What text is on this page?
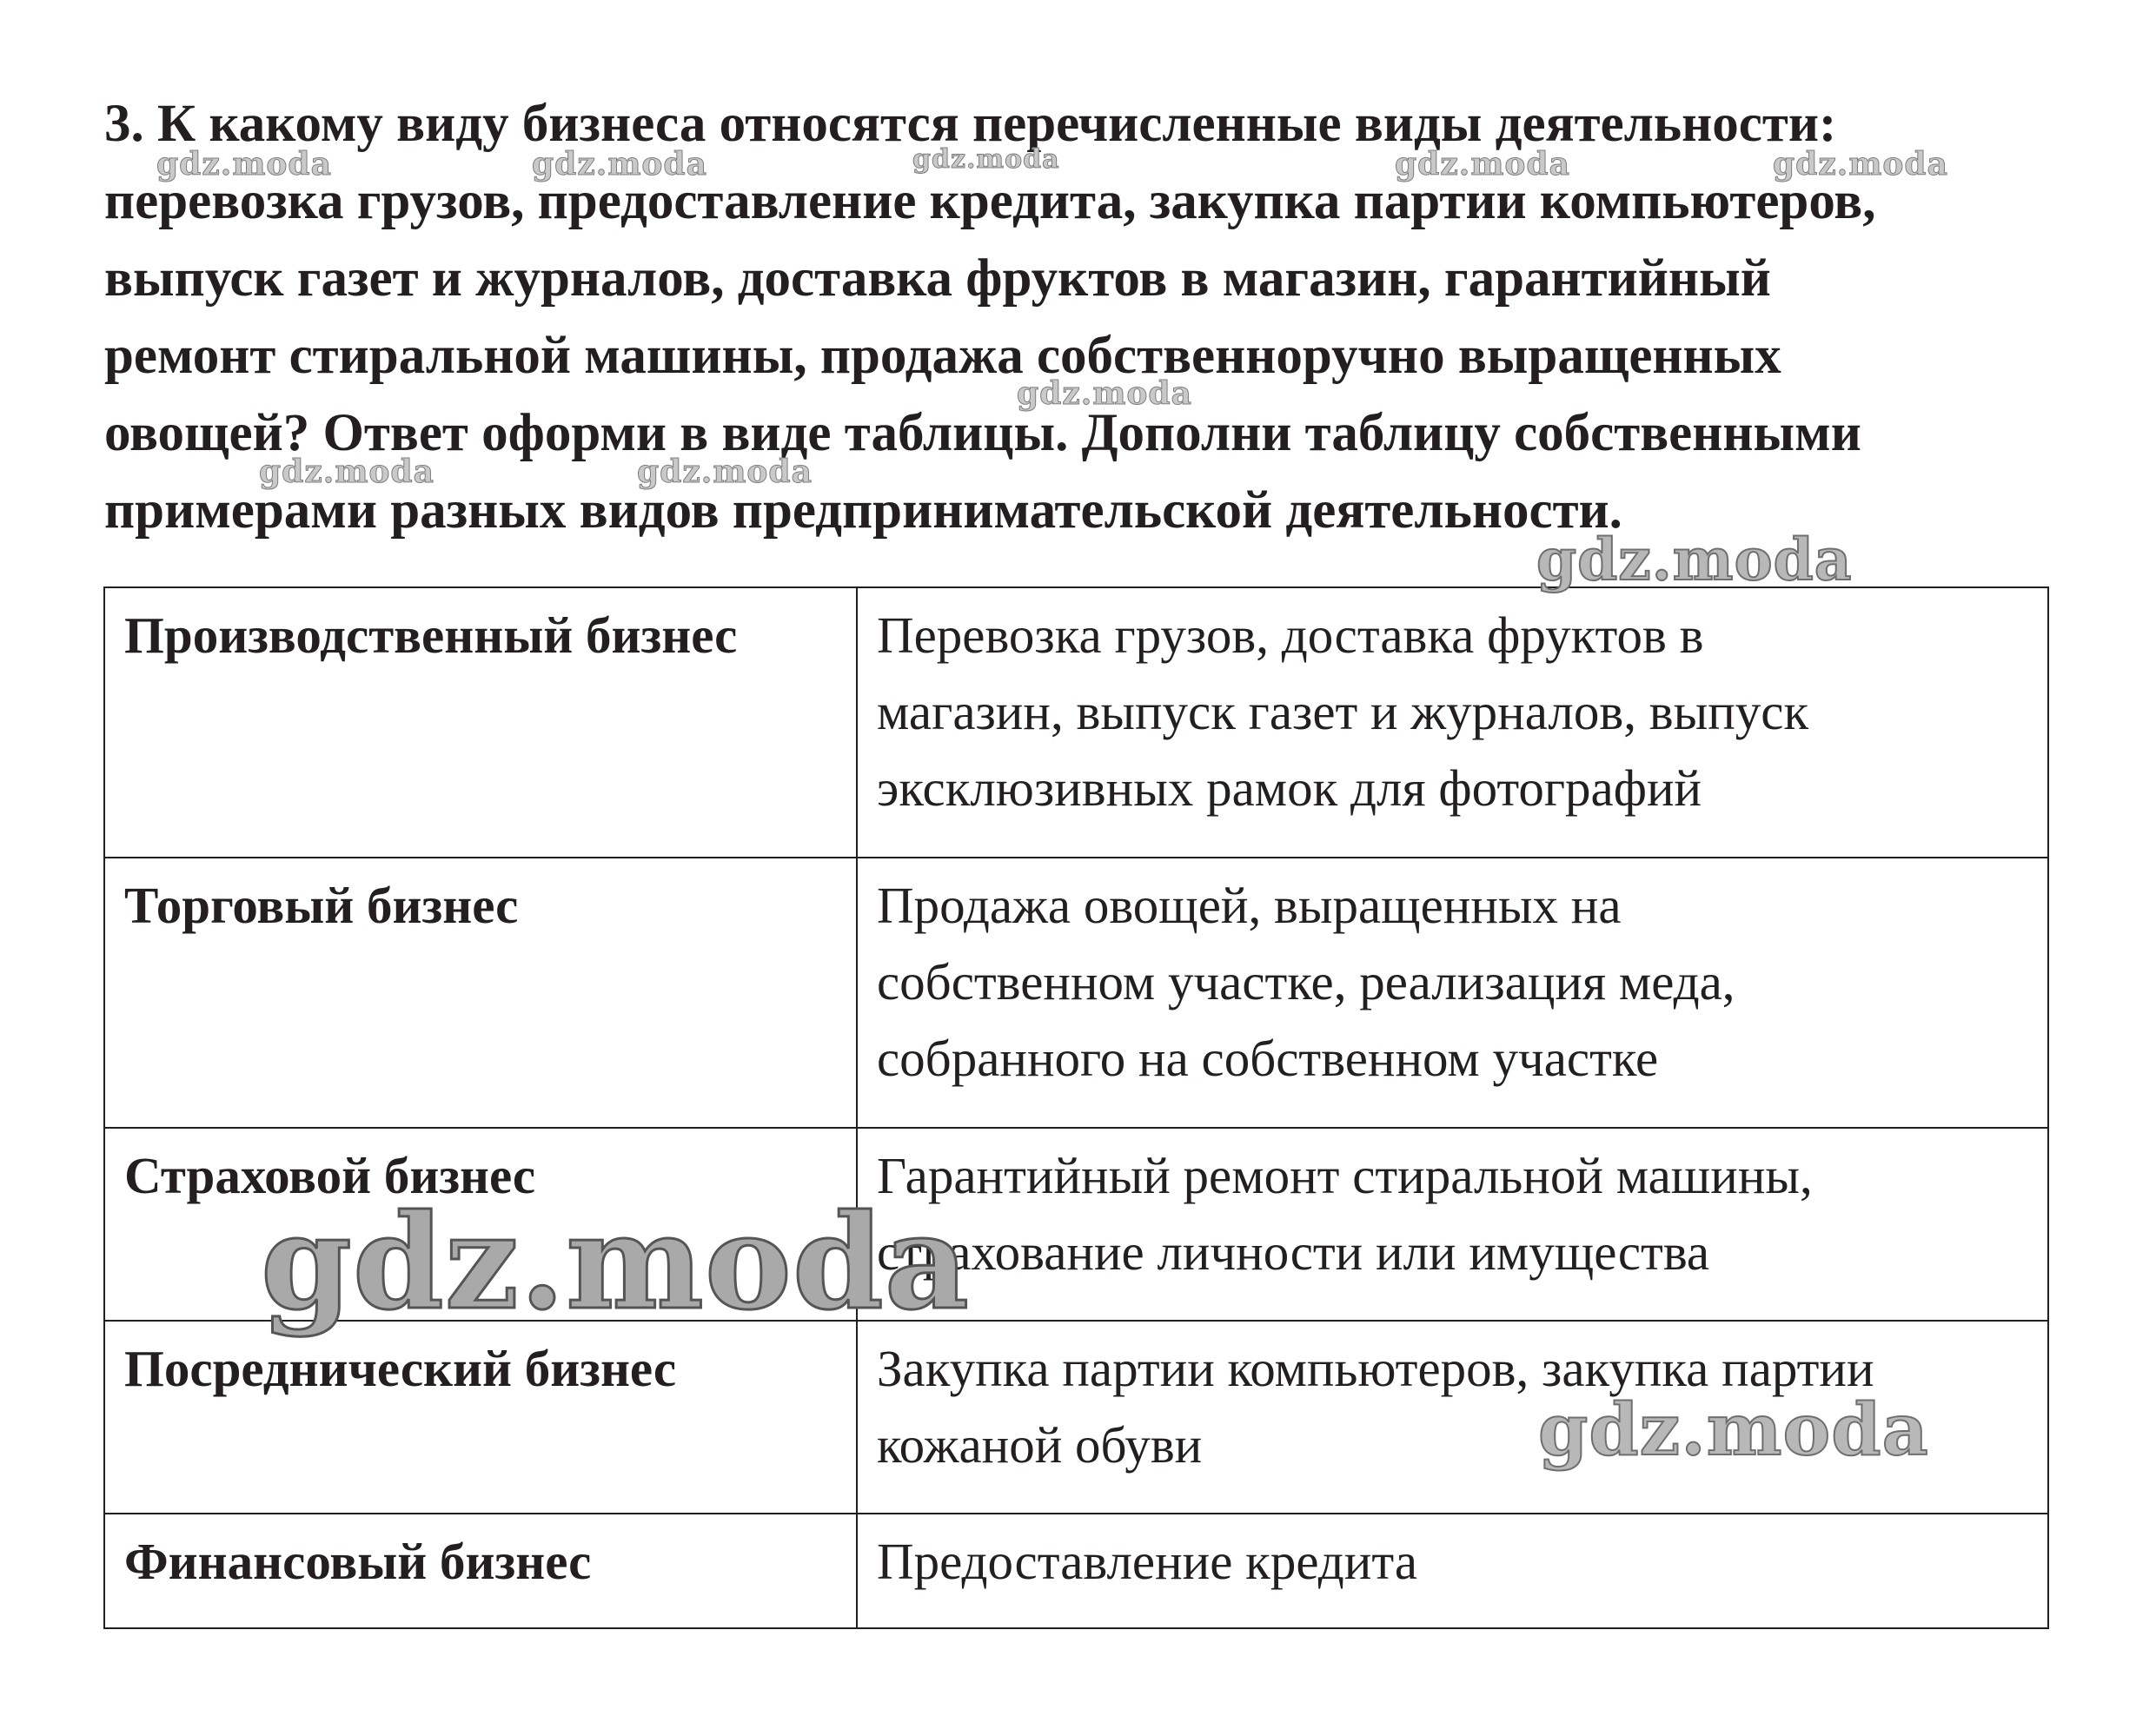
3. К какому виду бизнеса относятся перечисленные виды деятельности:
перевозка грузов, предоставление кредита, закупка партии компьютеров,
выпуск газет и журналов, доставка фруктов в магазин, гарантийный
ремонт стиральной машины, продажа собственноручно выращенных
овощей? Ответ оформи в виде таблицы. Дополни таблицу собственными
примерами разных видов предпринимательской деятельности.
Производственный бизнес	Перевозка грузов, доставка фруктов в
магазин, выпуск газет и журналов, выпуск
эксклюзивных рамок для фотографий

Торговый бизнес	Продажа овощей, выращенных на
собственном участке, реализация меда,
собранного на собственном участке

Страховой бизнес	Гарантийный ремонт стиральной машины,
страхование личности или имущества

Посреднический бизнес	Закупка партии компьютеров, закупка партии
кожаной обуви

Финансовый бизнес	Предоставление кредита
gdz.moda	gdz.moda	gdz.moda	gdz.moda	gdz.moda
gdz.moda
gdz.moda	gdz.moda
gdz.moda
gdz.moda
gdz.moda
